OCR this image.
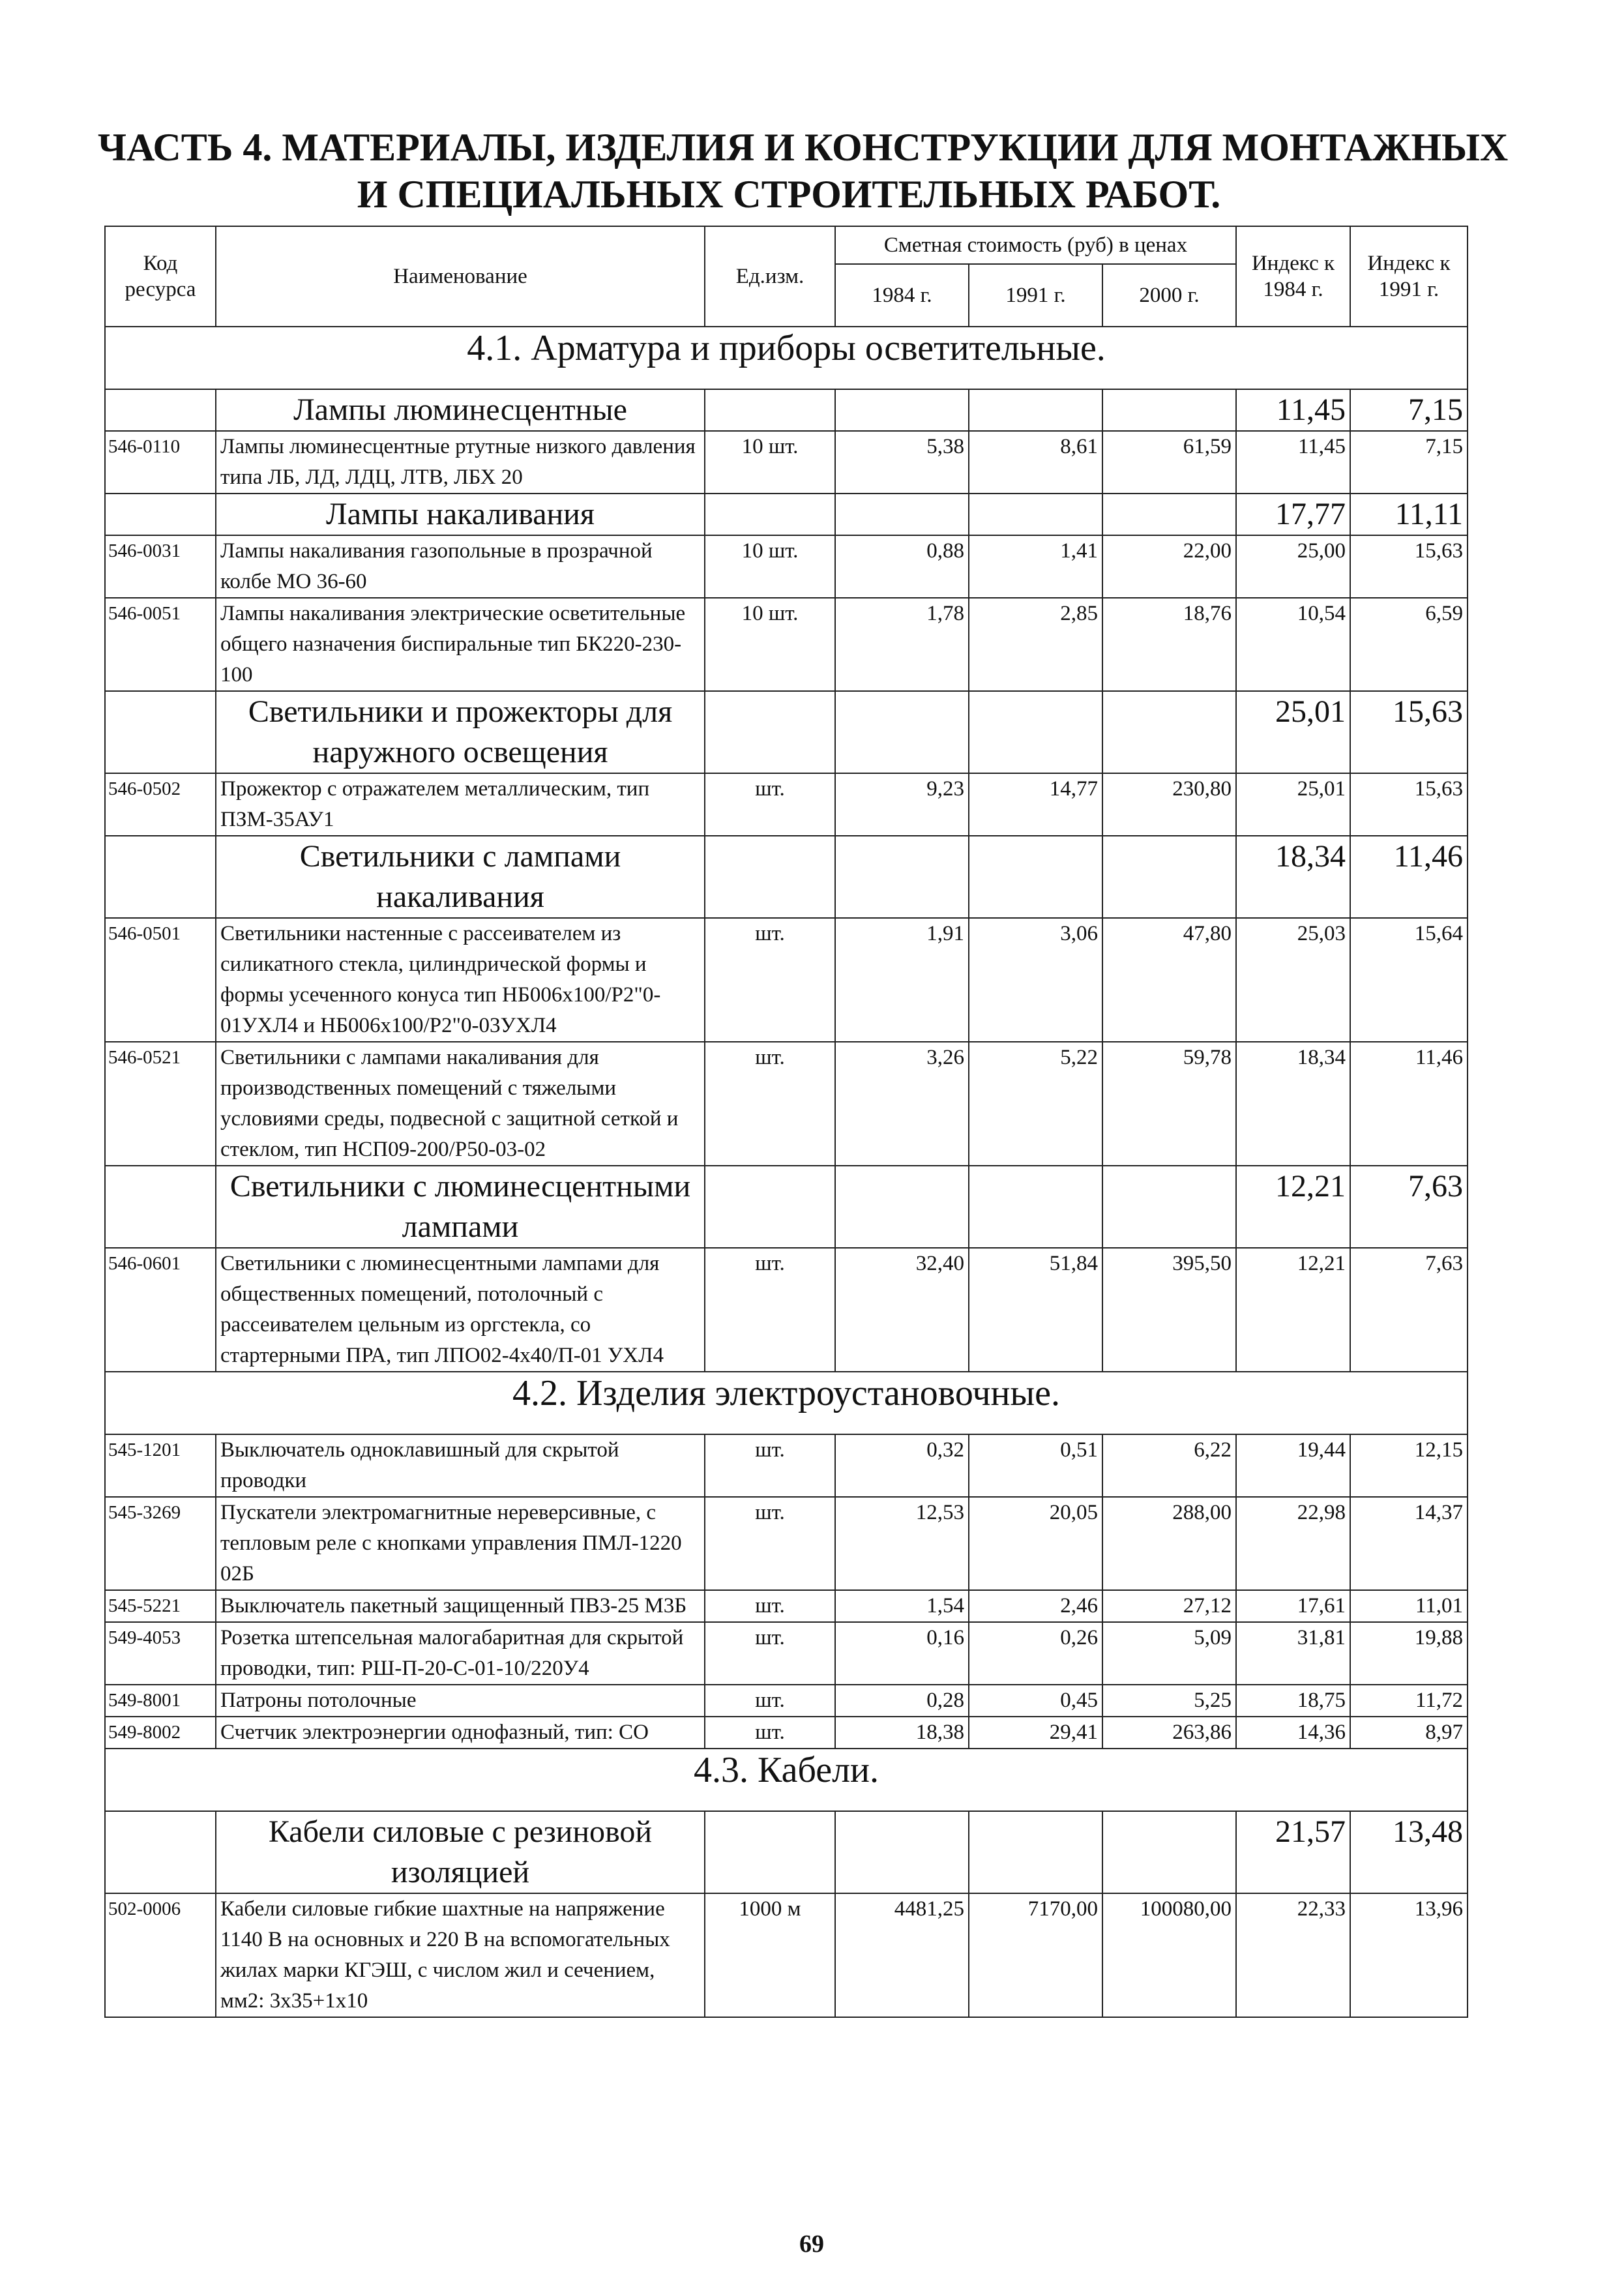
ЧАСТЬ 4. МАТЕРИАЛЫ, ИЗДЕЛИЯ И КОНСТРУКЦИИ ДЛЯ МОНТАЖНЫХ
И СПЕЦИАЛЬНЫХ СТРОИТЕЛЬНЫХ РАБОТ.
Код ресурса	Наименование	Ед.изм.	Сметная стоимость (руб) в ценах			Индекс к 1984 г.	Индекс к 1991 г.
			1984 г.	1991 г.	2000 г.		
4.1. Арматура и приборы осветительные.							
	Лампы люминесцентные					11,45	7,15
546-0110	Лампы люминесцентные ртутные низкого давления типа ЛБ, ЛД, ЛДЦ, ЛТВ, ЛБХ 20	10 шт.	5,38	8,61	61,59	11,45	7,15
	Лампы накаливания					17,77	11,11
546-0031	Лампы накаливания газопольные в прозрачной колбе МО 36-60	10 шт.	0,88	1,41	22,00	25,00	15,63
546-0051	Лампы накаливания электрические осветительные общего назначения биспиральные тип БК220-230-100	10 шт.	1,78	2,85	18,76	10,54	6,59
	Светильники и прожекторы для наружного освещения					25,01	15,63
546-0502	Прожектор с отражателем металлическим, тип ПЗМ-35АУ1	шт.	9,23	14,77	230,80	25,01	15,63
	Светильники с лампами накаливания					18,34	11,46
546-0501	Светильники настенные с рассеивателем из силикатного стекла, цилиндрической формы и формы усеченного конуса тип НБ006х100/Р2"0-01УХЛ4 и НБ006х100/Р2"0-03УХЛ4	шт.	1,91	3,06	47,80	25,03	15,64
546-0521	Светильники с лампами накаливания для производственных помещений с тяжелыми условиями среды, подвесной с защитной сеткой и стеклом, тип НСП09-200/Р50-03-02	шт.	3,26	5,22	59,78	18,34	11,46
	Светильники с люминесцентными лампами					12,21	7,63
546-0601	Светильники с люминесцентными лампами для общественных помещений, потолочный с рассеивателем цельным из оргстекла, со стартерными ПРА, тип ЛПО02-4х40/П-01 УХЛ4	шт.	32,40	51,84	395,50	12,21	7,63
4.2. Изделия электроустановочные.							
545-1201	Выключатель одноклавишный для скрытой проводки	шт.	0,32	0,51	6,22	19,44	12,15
545-3269	Пускатели электромагнитные нереверсивные, с тепловым реле с кнопками управления ПМЛ-1220 02Б	шт.	12,53	20,05	288,00	22,98	14,37
545-5221	Выключатель пакетный защищенный ПВ3-25 М3Б	шт.	1,54	2,46	27,12	17,61	11,01
549-4053	Розетка штепсельная малогабаритная для скрытой проводки, тип: РШ-П-20-С-01-10/220У4	шт.	0,16	0,26	5,09	31,81	19,88
549-8001	Патроны потолочные	шт.	0,28	0,45	5,25	18,75	11,72
549-8002	Счетчик электроэнергии однофазный, тип: СО	шт.	18,38	29,41	263,86	14,36	8,97
4.3. Кабели.							
	Кабели силовые с резиновой изоляцией					21,57	13,48
502-0006	Кабели силовые гибкие шахтные на напряжение 1140 В на основных и 220 В на вспомогательных жилах марки КГЭШ, с числом жил и сечением, мм2: 3х35+1х10	1000 м	4481,25	7170,00	100080,00	22,33	13,96
69
